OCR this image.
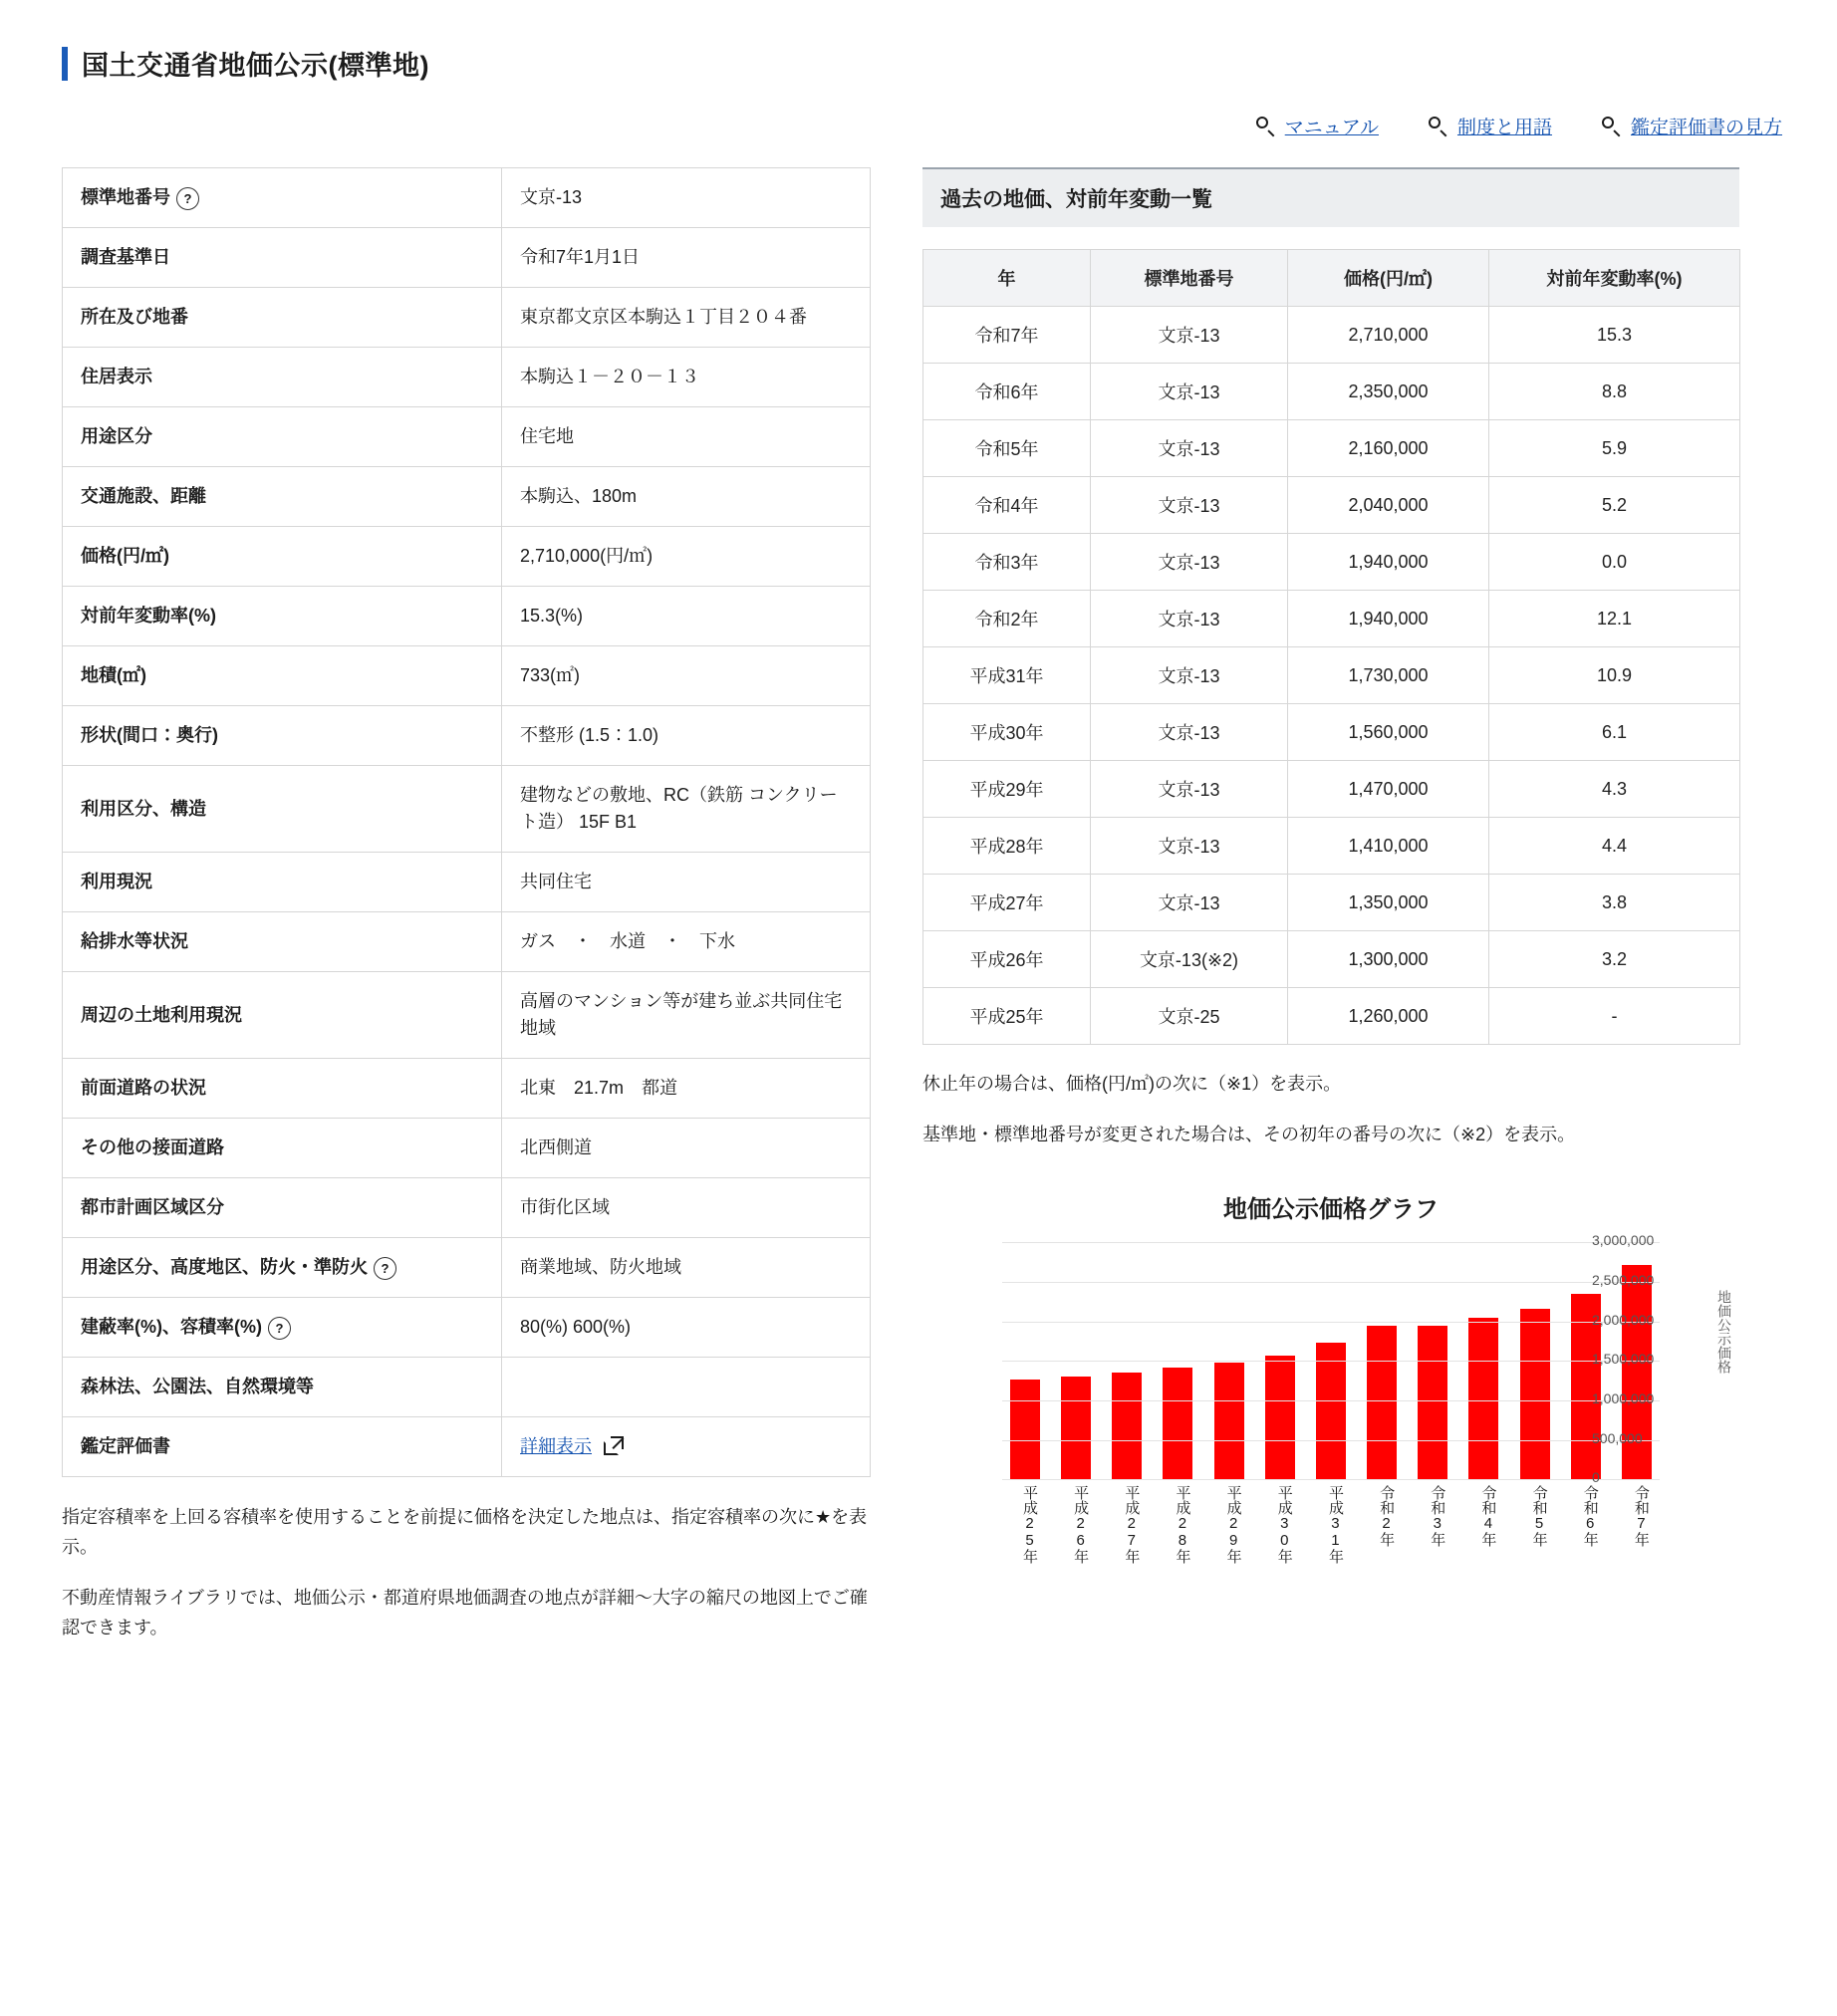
国土交通省地価公示(標準地)
マニュアル	制度と用語	鑑定評価書の見方
標準地番号 ?	文京-13
調査基準日	令和7年1月1日
所在及び地番	東京都文京区本駒込１丁目２０４番
住居表示	本駒込１－２０－１３
用途区分	住宅地
交通施設、距離	本駒込、180m
価格(円/㎡)	2,710,000(円/㎡)
対前年変動率(%)	15.3(%)
地積(㎡)	733(㎡)
形状(間口：奥行)	不整形 (1.5：1.0)
利用区分、構造	建物などの敷地、RC（鉄筋 コンクリート造） 15F B1
利用現況	共同住宅
給排水等状況	ガス　・　水道　・　下水
周辺の土地利用現況	高層のマンション等が建ち並ぶ共同住宅地域
前面道路の状況	北東　21.7m　都道
その他の接面道路	北西側道
都市計画区域区分	市街化区域
用途区分、高度地区、防火・準防火 ?	商業地域、防火地域
建蔽率(%)、容積率(%) ?	80(%) 600(%)
森林法、公園法、自然環境等	
鑑定評価書	詳細表示

指定容積率を上回る容積率を使用することを前提に価格を決定した地点は、指定容積率の次に★を表示。

不動産情報ライブラリでは、地価公示・都道府県地価調査の地点が詳細〜大字の縮尺の地図上でご確認できます。

過去の地価、対前年変動一覧
年	標準地番号	価格(円/㎡)	対前年変動率(%)
令和7年	文京-13	2,710,000	15.3
令和6年	文京-13	2,350,000	8.8
令和5年	文京-13	2,160,000	5.9
令和4年	文京-13	2,040,000	5.2
令和3年	文京-13	1,940,000	0.0
令和2年	文京-13	1,940,000	12.1
平成31年	文京-13	1,730,000	10.9
平成30年	文京-13	1,560,000	6.1
平成29年	文京-13	1,470,000	4.3
平成28年	文京-13	1,410,000	4.4
平成27年	文京-13	1,350,000	3.8
平成26年	文京-13(※2)	1,300,000	3.2
平成25年	文京-25	1,260,000	-

休止年の場合は、価格(円/㎡)の次に（※1）を表示。

基準地・標準地番号が変更された場合は、その初年の番号の次に（※2）を表示。

地価公示価格グラフ
3,000,000
2,500,000
2,000,000
1,500,000
1,000,000
500,000
0
地価公示価格
平成25年	平成26年	平成27年	平成28年	平成29年	平成30年	平成31年	令和2年	令和3年	令和4年	令和5年	令和6年	令和7年
